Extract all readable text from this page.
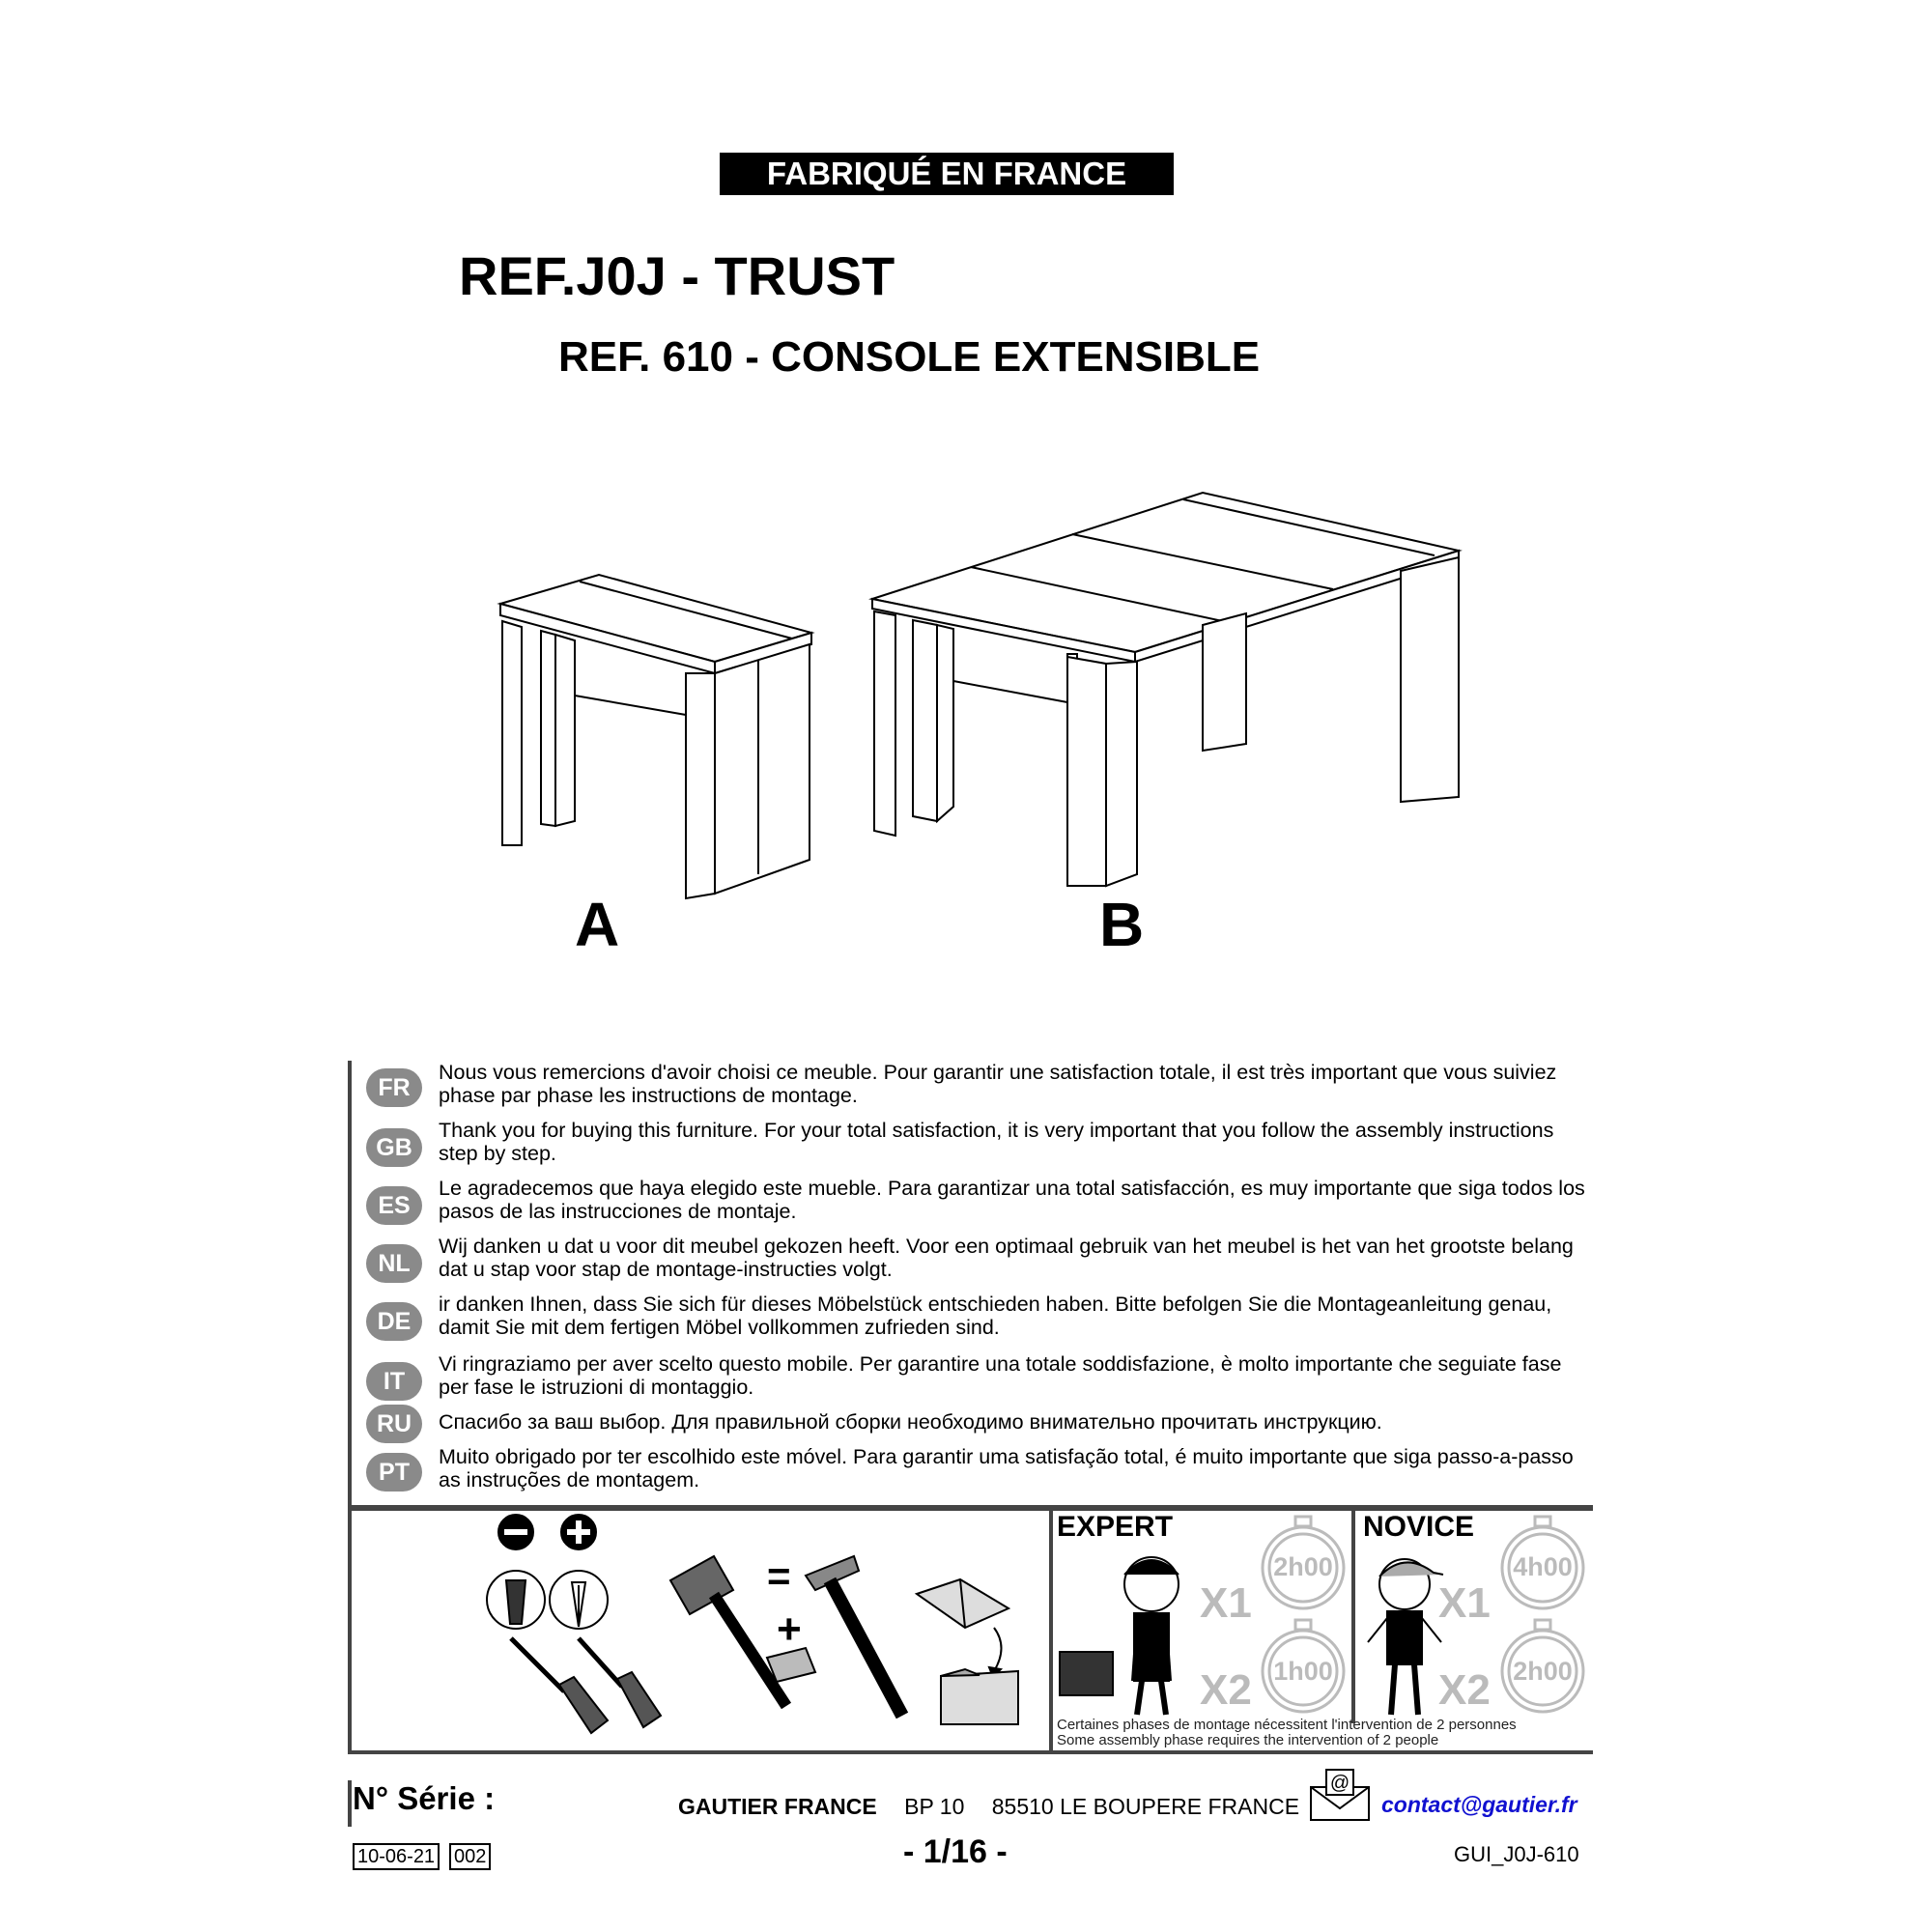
FABRIQUÉ EN FRANCE
REF.J0J - TRUST
REF. 610 - CONSOLE EXTENSIBLE
A	B
FR
Nous vous remercions d'avoir choisi ce meuble. Pour garantir une satisfaction totale, il est très important que vous suiviez phase par phase les instructions de montage.
GB
Thank you for buying this furniture. For your total satisfaction, it is very important that you follow the assembly instructions step by step.
ES
Le agradecemos que haya elegido este mueble. Para garantizar una total satisfacción, es muy importante que siga todos los pasos de las instrucciones de montaje.
NL
Wij danken u dat u voor dit meubel gekozen heeft. Voor een optimaal gebruik van het meubel is het van het grootste belang dat u stap voor stap de montage-instructies volgt.
DE
ir danken Ihnen, dass Sie sich für dieses Möbelstück entschieden haben. Bitte befolgen Sie die Montageanleitung genau, damit Sie mit dem fertigen Möbel vollkommen zufrieden sind.
IT
Vi ringraziamo per aver scelto questo mobile. Per garantire una totale soddisfazione, è molto importante che seguiate fase per fase le istruzioni di montaggio.
RU	Спасибо за ваш выбор. Для правильной сборки необходимо внимательно прочитать инструкцию.
PT
Muito obrigado por ter escolhido este móvel. Para garantir uma satisfação total, é muito importante que siga passo-a-passo as instruções de montagem.
=
+
EXPERT
X1
X2
2h00
1h00
NOVICE
X1
X2
4h00
2h00
Certaines phases de montage nécessitent l'intervention de 2 personnes
Some assembly phase requires the intervention of 2 people
N° Série :	GAUTIER FRANCE BP 10 85510 LE BOUPERE FRANCE
@
contact@gautier.fr
10-06-21 002	- 1/16 -	GUI_J0J-610
